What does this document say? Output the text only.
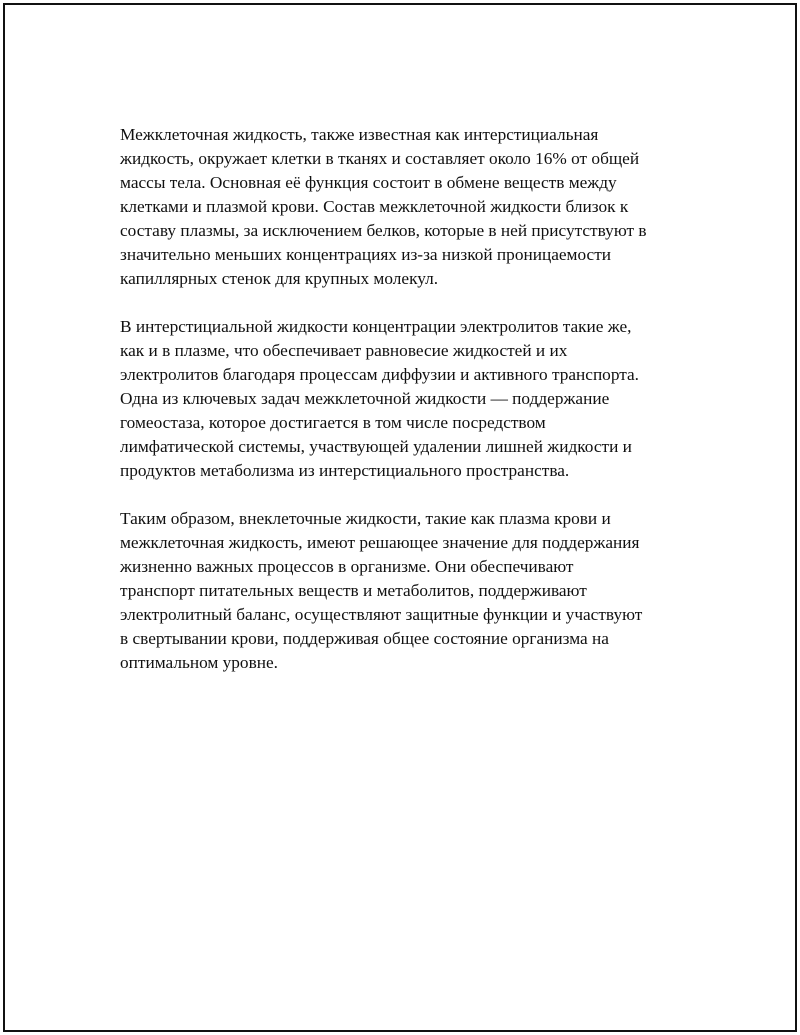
Межклеточная жидкость, также известная как интерстициальная
жидкость, окружает клетки в тканях и составляет около 16% от общей
массы тела. Основная её функция состоит в обмене веществ между
клетками и плазмой крови. Состав межклеточной жидкости близок к
составу плазмы, за исключением белков, которые в ней присутствуют в
значительно меньших концентрациях из-за низкой проницаемости
капиллярных стенок для крупных молекул.

В интерстициальной жидкости концентрации электролитов такие же,
как и в плазме, что обеспечивает равновесие жидкостей и их
электролитов благодаря процессам диффузии и активного транспорта.
Одна из ключевых задач межклеточной жидкости — поддержание
гомеостаза, которое достигается в том числе посредством
лимфатической системы, участвующей удалении лишней жидкости и
продуктов метаболизма из интерстициального пространства.

Таким образом, внеклеточные жидкости, такие как плазма крови и
межклеточная жидкость, имеют решающее значение для поддержания
жизненно важных процессов в организме. Они обеспечивают
транспорт питательных веществ и метаболитов, поддерживают
электролитный баланс, осуществляют защитные функции и участвуют
в свертывании крови, поддерживая общее состояние организма на
оптимальном уровне.
